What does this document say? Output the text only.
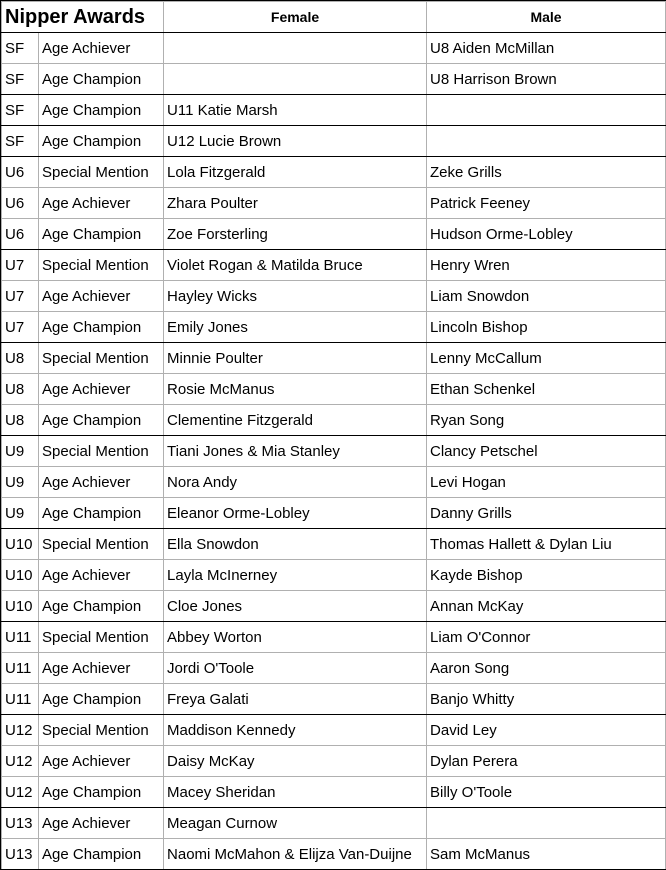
Nipper Awards		Female	Male
SF	Age Achiever		U8 Aiden McMillan
SF	Age Champion		U8 Harrison Brown
SF	Age Champion	U11 Katie Marsh	
SF	Age Champion	U12 Lucie Brown	
U6	Special Mention	Lola Fitzgerald	Zeke Grills
U6	Age Achiever	Zhara Poulter	Patrick Feeney
U6	Age Champion	Zoe Forsterling	Hudson Orme-Lobley
U7	Special Mention	Violet Rogan & Matilda Bruce	Henry Wren
U7	Age Achiever	Hayley Wicks	Liam Snowdon
U7	Age Champion	Emily Jones	Lincoln Bishop
U8	Special Mention	Minnie Poulter	Lenny McCallum
U8	Age Achiever	Rosie McManus	Ethan Schenkel
U8	Age Champion	Clementine Fitzgerald	Ryan Song
U9	Special Mention	Tiani Jones & Mia Stanley	Clancy Petschel
U9	Age Achiever	Nora Andy	Levi Hogan
U9	Age Champion	Eleanor Orme-Lobley	Danny Grills
U10	Special Mention	Ella Snowdon	Thomas Hallett & Dylan Liu
U10	Age Achiever	Layla McInerney	Kayde Bishop
U10	Age Champion	Cloe Jones	Annan McKay
U11	Special Mention	Abbey Worton	Liam O'Connor
U11	Age Achiever	Jordi O'Toole	Aaron Song
U11	Age Champion	Freya Galati	Banjo Whitty
U12	Special Mention	Maddison Kennedy	David Ley
U12	Age Achiever	Daisy McKay	Dylan Perera
U12	Age Champion	Macey Sheridan	Billy O'Toole
U13	Age Achiever	Meagan Curnow	
U13	Age Champion	Naomi McMahon & Elijza Van-Duijne	Sam McManus
